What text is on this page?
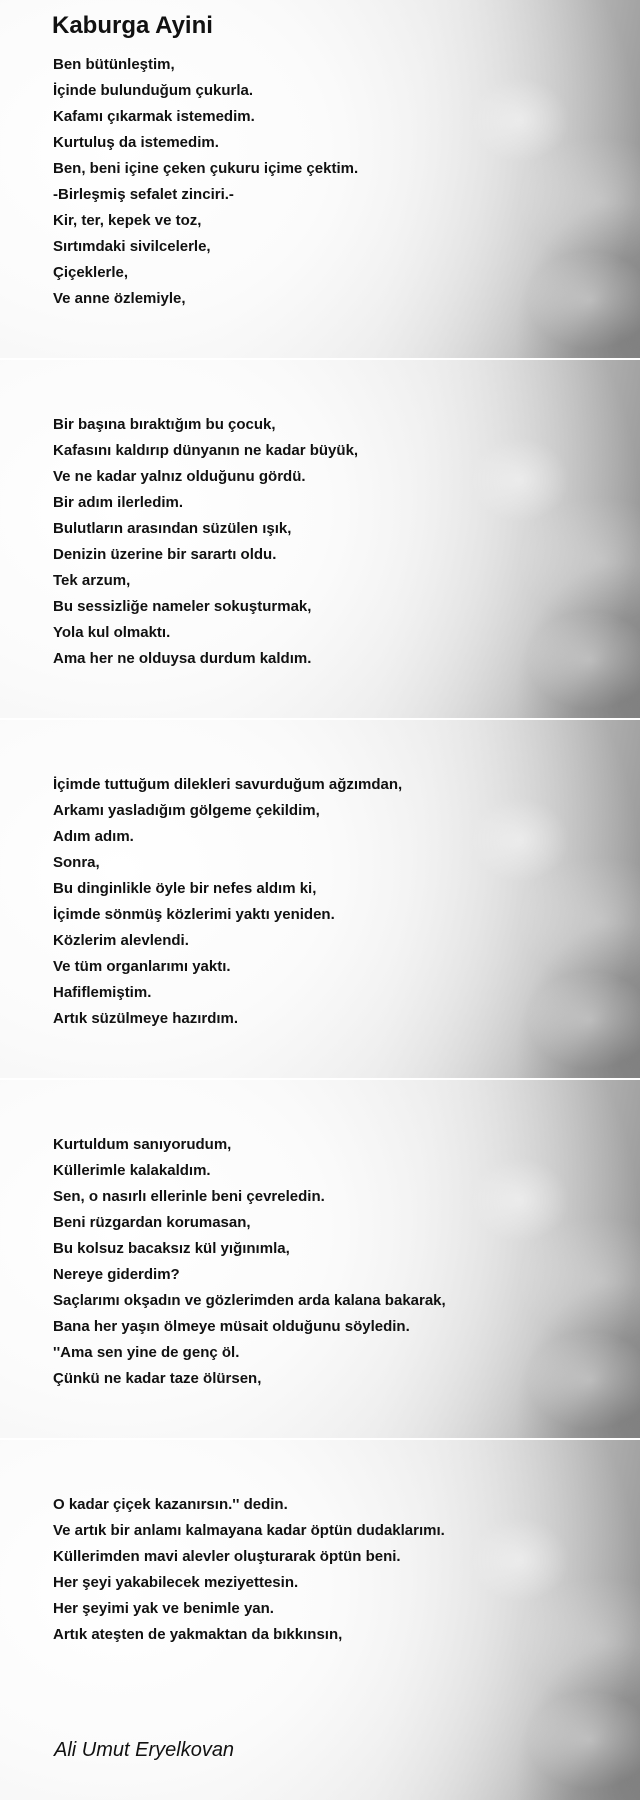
Kaburga Ayini
Ben bütünleştim,
İçinde bulunduğum çukurla.
Kafamı çıkarmak istemedim.
Kurtuluş da istemedim.
Ben, beni içine çeken çukuru içime çektim.
-Birleşmiş sefalet zinciri.-
Kir, ter, kepek ve toz,
Sırtımdaki sivilcelerle,
Çiçeklerle,
Ve anne özlemiyle,
Bir başına bıraktığım bu çocuk,
Kafasını kaldırıp dünyanın ne kadar büyük,
Ve ne kadar yalnız olduğunu gördü.
Bir adım ilerledim.
Bulutların arasından süzülen ışık,
Denizin üzerine bir sarartı oldu.
Tek arzum,
Bu sessizliğe nameler sokuşturmak,
Yola kul olmaktı.
Ama her ne olduysa durdum kaldım.
İçimde tuttuğum dilekleri savurduğum ağzımdan,
Arkamı yasladığım gölgeme çekildim,
Adım adım.
Sonra,
Bu dinginlikle öyle bir nefes aldım ki,
İçimde sönmüş közlerimi yaktı yeniden.
Közlerim alevlendi.
Ve tüm organlarımı yaktı.
Hafiflemiştim.
Artık süzülmeye hazırdım.
Kurtuldum sanıyorudum,
Küllerimle kalakaldım.
Sen, o nasırlı ellerinle beni çevreledin.
Beni rüzgardan korumasan,
Bu kolsuz bacaksız kül yığınımla,
Nereye giderdim?
Saçlarımı okşadın ve gözlerimden arda kalana bakarak,
Bana her yaşın ölmeye müsait olduğunu söyledin.
''Ama sen yine de genç öl.
Çünkü ne kadar taze ölürsen,
O kadar çiçek kazanırsın.'' dedin.
Ve artık bir anlamı kalmayana kadar öptün dudaklarımı.
Küllerimden mavi alevler oluşturarak öptün beni.
Her şeyi yakabilecek meziyettesin.
Her şeyimi yak ve benimle yan.
Artık ateşten de yakmaktan da bıkkınsın,

Ali Umut Eryelkovan
